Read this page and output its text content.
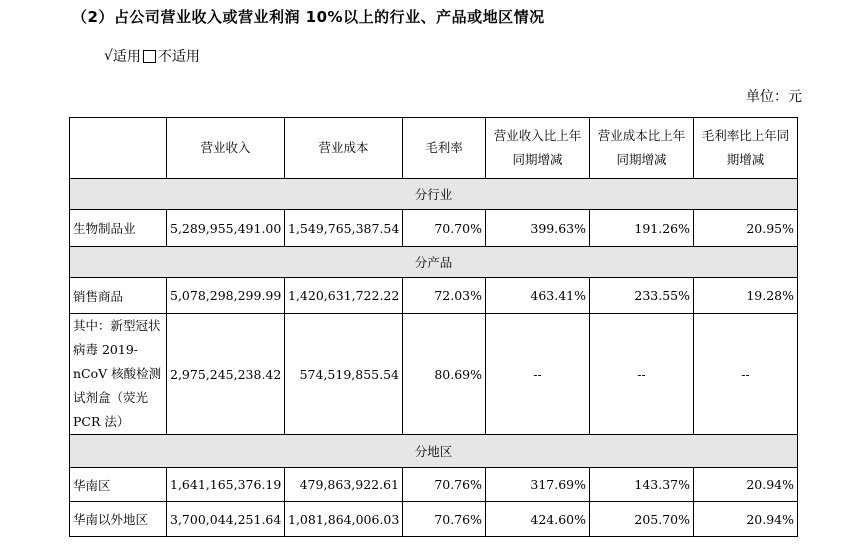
（2）占公司营业收入或营业利润 10%以上的行业、产品或地区情况
√ 适用 不适用
单位：元
	营业收入	营业成本	毛利率	营业收入比上年同期增减	营业成本比上年同期增减	毛利率比上年同期增减
分行业						
生物制品业	5,289,955,491.00	1,549,765,387.54	70.70%	399.63%	191.26%	20.95%
分产品						
销售商品	5,078,298,299.99	1,420,631,722.22	72.03%	463.41%	233.55%	19.28%
其中：新型冠状病毒 2019-nCoV 核酸检测试剂盒（荧光 PCR 法）	2,975,245,238.42	574,519,855.54	80.69%	--	--	--
分地区						
华南区	1,641,165,376.19	479,863,922.61	70.76%	317.69%	143.37%	20.94%
华南以外地区	3,700,044,251.64	1,081,864,006.03	70.76%	424.60%	205.70%	20.94%
